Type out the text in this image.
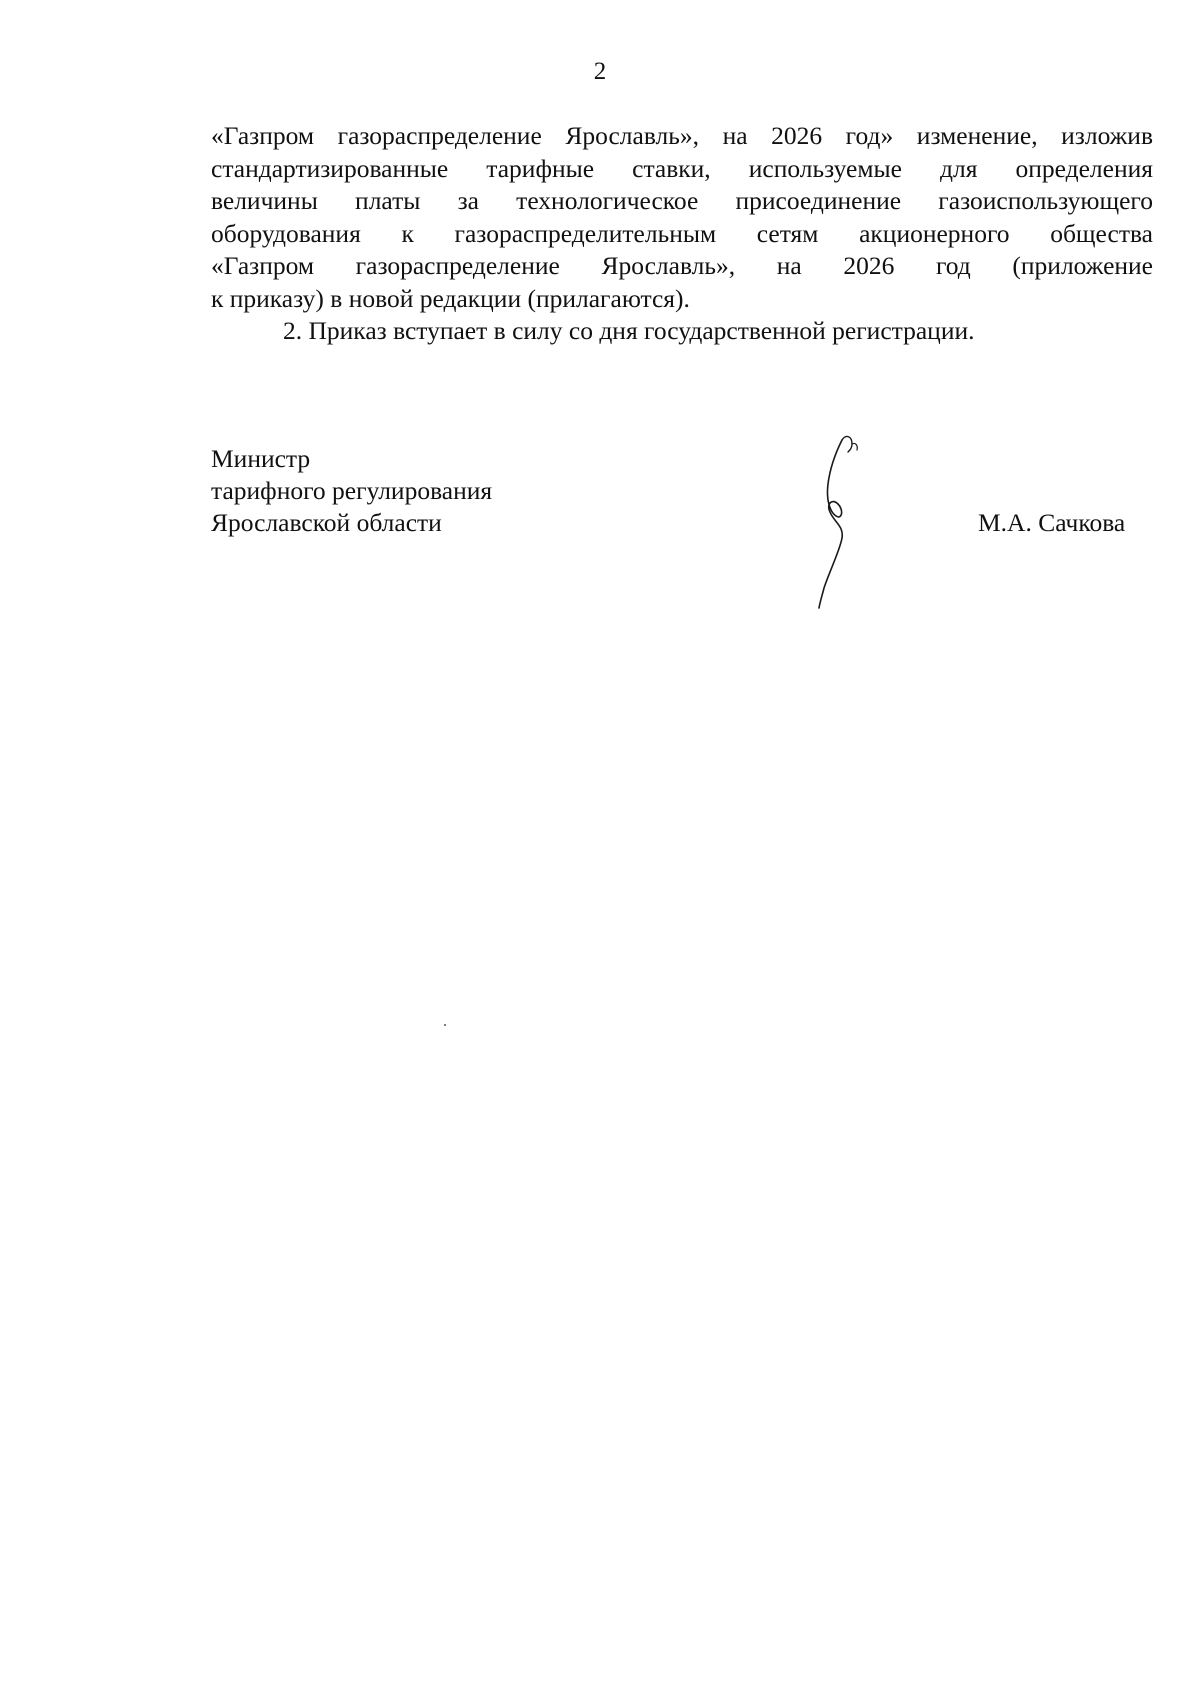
2

«Газпром газораспределение Ярославль», на 2026 год» изменение, изложив
стандартизированные тарифные ставки, используемые для определения
величины платы за технологическое присоединение газоиспользующего
оборудования к газораспределительным сетям акционерного общества
«Газпром газораспределение Ярославль», на 2026 год (приложение
к приказу) в новой редакции (прилагаются).

2. Приказ вступает в силу со дня государственной регистрации.

Министр
тарифного регулирования
Ярославской области	М.А. Сачкова
